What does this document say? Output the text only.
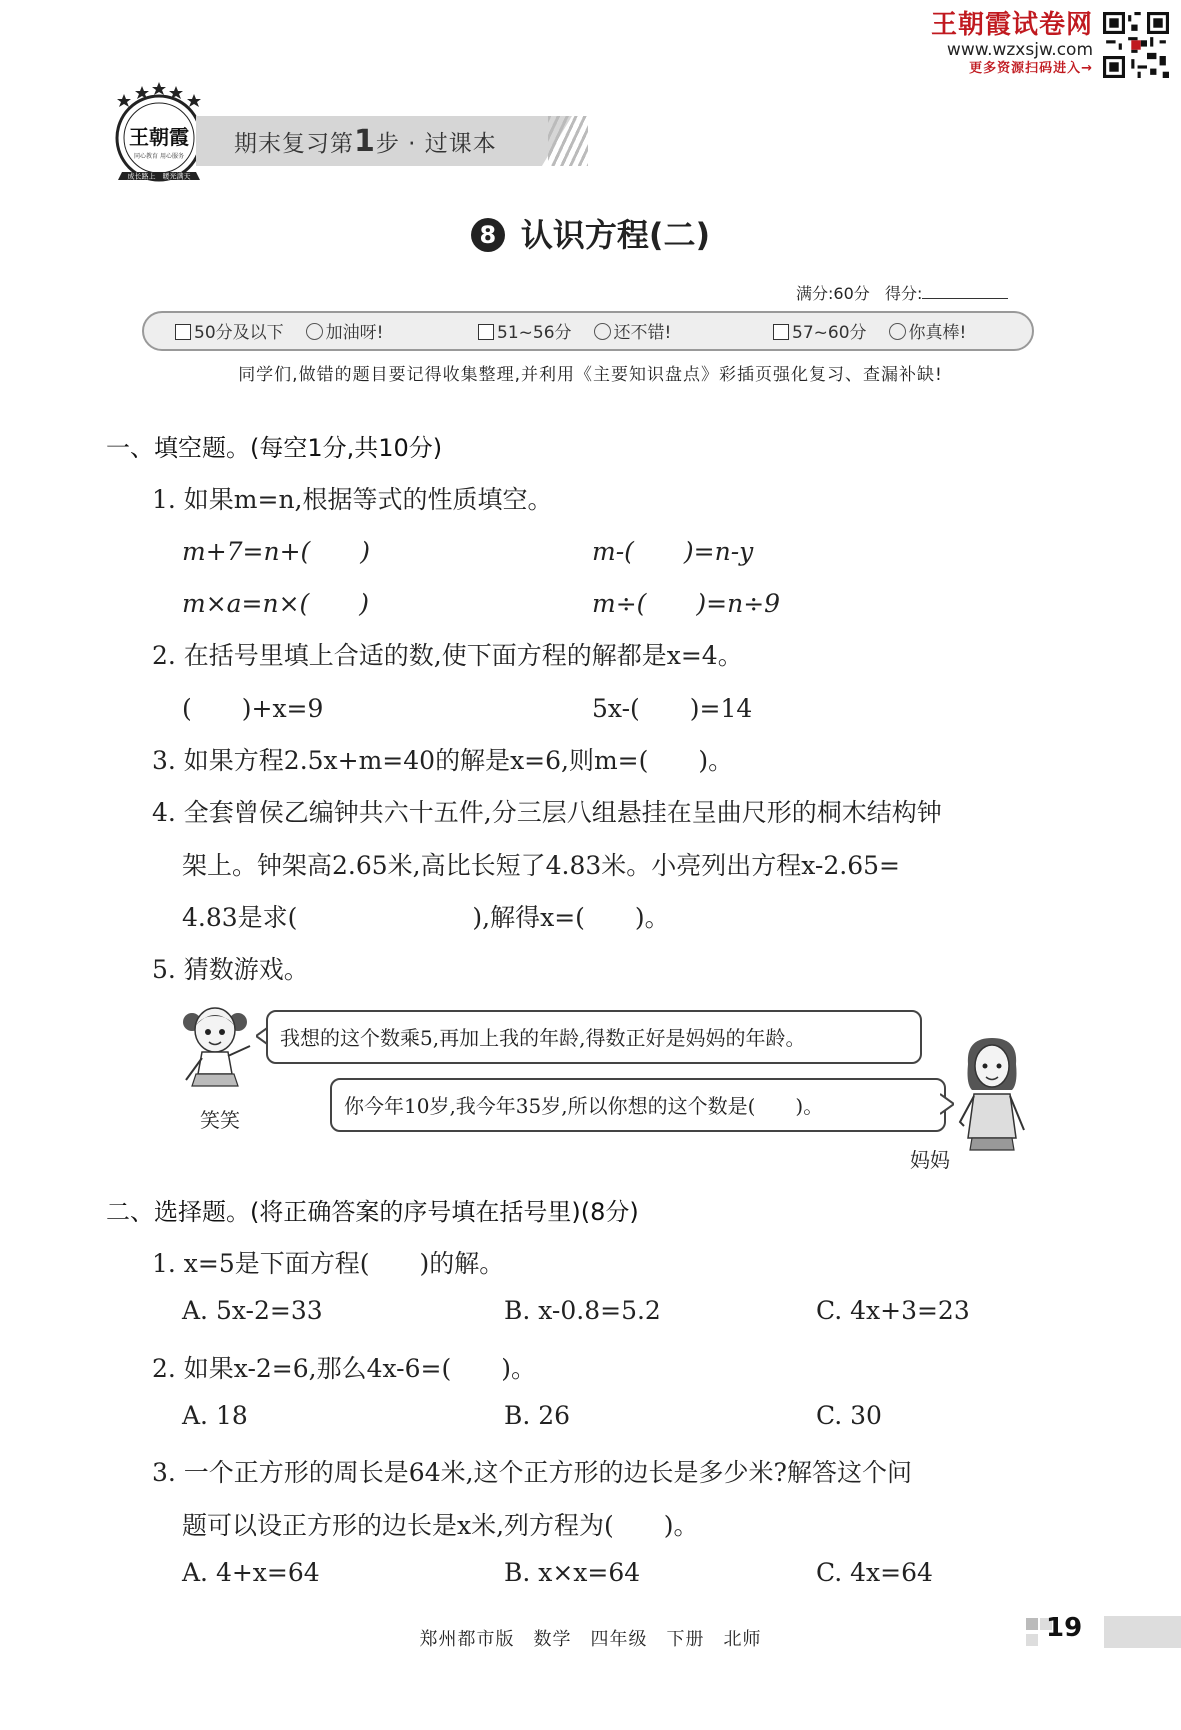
王朝霞试卷网
www.wzxsjw.com
更多资源扫码进入→
王朝霞
同心教育 用心服务
成长路上　暖光满天
期末复习第1步 · 过课本
8 认识方程(二)
满分:60分 得分:
50分及以下 加油呀!	51~56分 还不错!	57~60分 你真棒!
同学们,做错的题目要记得收集整理,并利用《主要知识盘点》彩插页强化复习、查漏补缺!
一、填空题。(每空1分,共10分)
1. 如果m=n,根据等式的性质填空。
m+7=n+(　　)	m-(　　)=n-y
m×a=n×(　　)	m÷(　　)=n÷9
2. 在括号里填上合适的数,使下面方程的解都是x=4。
(　　)+x=9	5x-(　　)=14
3. 如果方程2.5x+m=40的解是x=6,则m=(　　)。
4. 全套曾侯乙编钟共六十五件,分三层八组悬挂在呈曲尺形的桐木结构钟
架上。钟架高2.65米,高比长短了4.83米。小亮列出方程x-2.65=
4.83是求(　　　　　　　),解得x=(　　)。
5. 猜数游戏。
笑笑
我想的这个数乘5,再加上我的年龄,得数正好是妈妈的年龄。
你今年10岁,我今年35岁,所以你想的这个数是(　　)。
妈妈
二、选择题。(将正确答案的序号填在括号里)(8分)
1. x=5是下面方程(　　)的解。
A. 5x-2=33	B. x-0.8=5.2	C. 4x+3=23
2. 如果x-2=6,那么4x-6=(　　)。
A. 18	B. 26	C. 30
3. 一个正方形的周长是64米,这个正方形的边长是多少米?解答这个问
题可以设正方形的边长是x米,列方程为(　　)。
A. 4+x=64	B. x×x=64	C. 4x=64
郑州都市版　数学　四年级　下册　北师	19
